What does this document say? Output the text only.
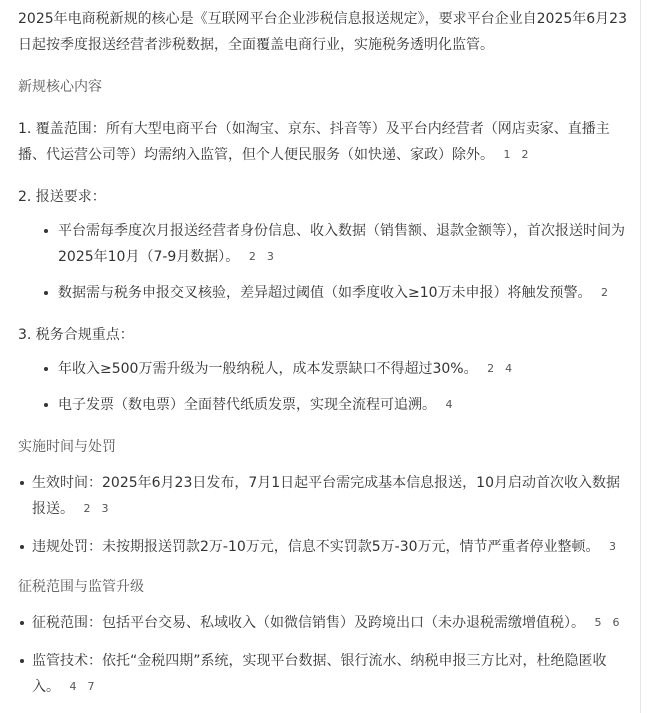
2025年电商税新规的核心是《互联网平台企业涉税信息报送规定》，要求平台企业自2025年6月23日起按季度报送经营者涉税数据，全面覆盖电商行业，实施税务透明化监管。

新规核心内容

1. 覆盖范围：所有大型电商平台（如淘宝、京东、抖音等）及平台内经营者（网店卖家、直播主播、代运营公司等）均需纳入监管，但个人便民服务（如快递、家政）除外。 1 2

2. 报送要求：

平台需每季度次月报送经营者身份信息、收入数据（销售额、退款金额等），首次报送时间为2025年10月（7-9月数据）。 2 3
数据需与税务申报交叉核验，差异超过阈值（如季度收入≥10万未申报）将触发预警。 2

3. 税务合规重点：

年收入≥500万需升级为一般纳税人，成本发票缺口不得超过30%。 2 4
电子发票（数电票）全面替代纸质发票，实现全流程可追溯。 4

实施时间与处罚

生效时间：2025年6月23日发布，7月1日起平台需完成基本信息报送，10月启动首次收入数据报送。 2 3
违规处罚：未按期报送罚款2万-10万元，信息不实罚款5万-30万元，情节严重者停业整顿。 3

征税范围与监管升级

征税范围：包括平台交易、私域收入（如微信销售）及跨境出口（未办退税需缴增值税）。 5 6
监管技术：依托“金税四期”系统，实现平台数据、银行流水、纳税申报三方比对，杜绝隐匿收入。 4 7
